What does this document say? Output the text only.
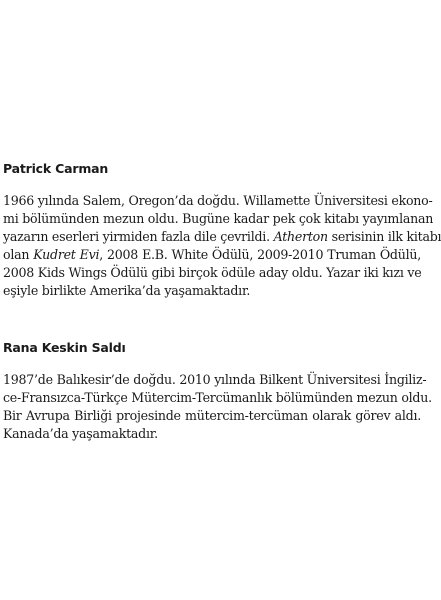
Patrick Carman

1966 yılında Salem, Oregon’da doğdu. Willamette Üniversitesi ekono-
mi bölümünden mezun oldu. Bugüne kadar pek çok kitabı yayımlanan
yazarın eserleri yirmiden fazla dile çevrildi. Atherton serisinin ilk kitabı
olan Kudret Evi, 2008 E.B. White Ödülü, 2009-2010 Truman Ödülü,
2008 Kids Wings Ödülü gibi birçok ödüle aday oldu. Yazar iki kızı ve
eşiyle birlikte Amerika’da yaşamaktadır.

Rana Keskin Saldı

1987’de Balıkesir’de doğdu. 2010 yılında Bilkent Üniversitesi İngiliz-
ce-Fransızca-Türkçe Mütercim-Tercümanlık bölümünden mezun oldu.
Bir Avrupa Birliği projesinde mütercim-tercüman olarak görev aldı.
Kanada’da yaşamaktadır.
